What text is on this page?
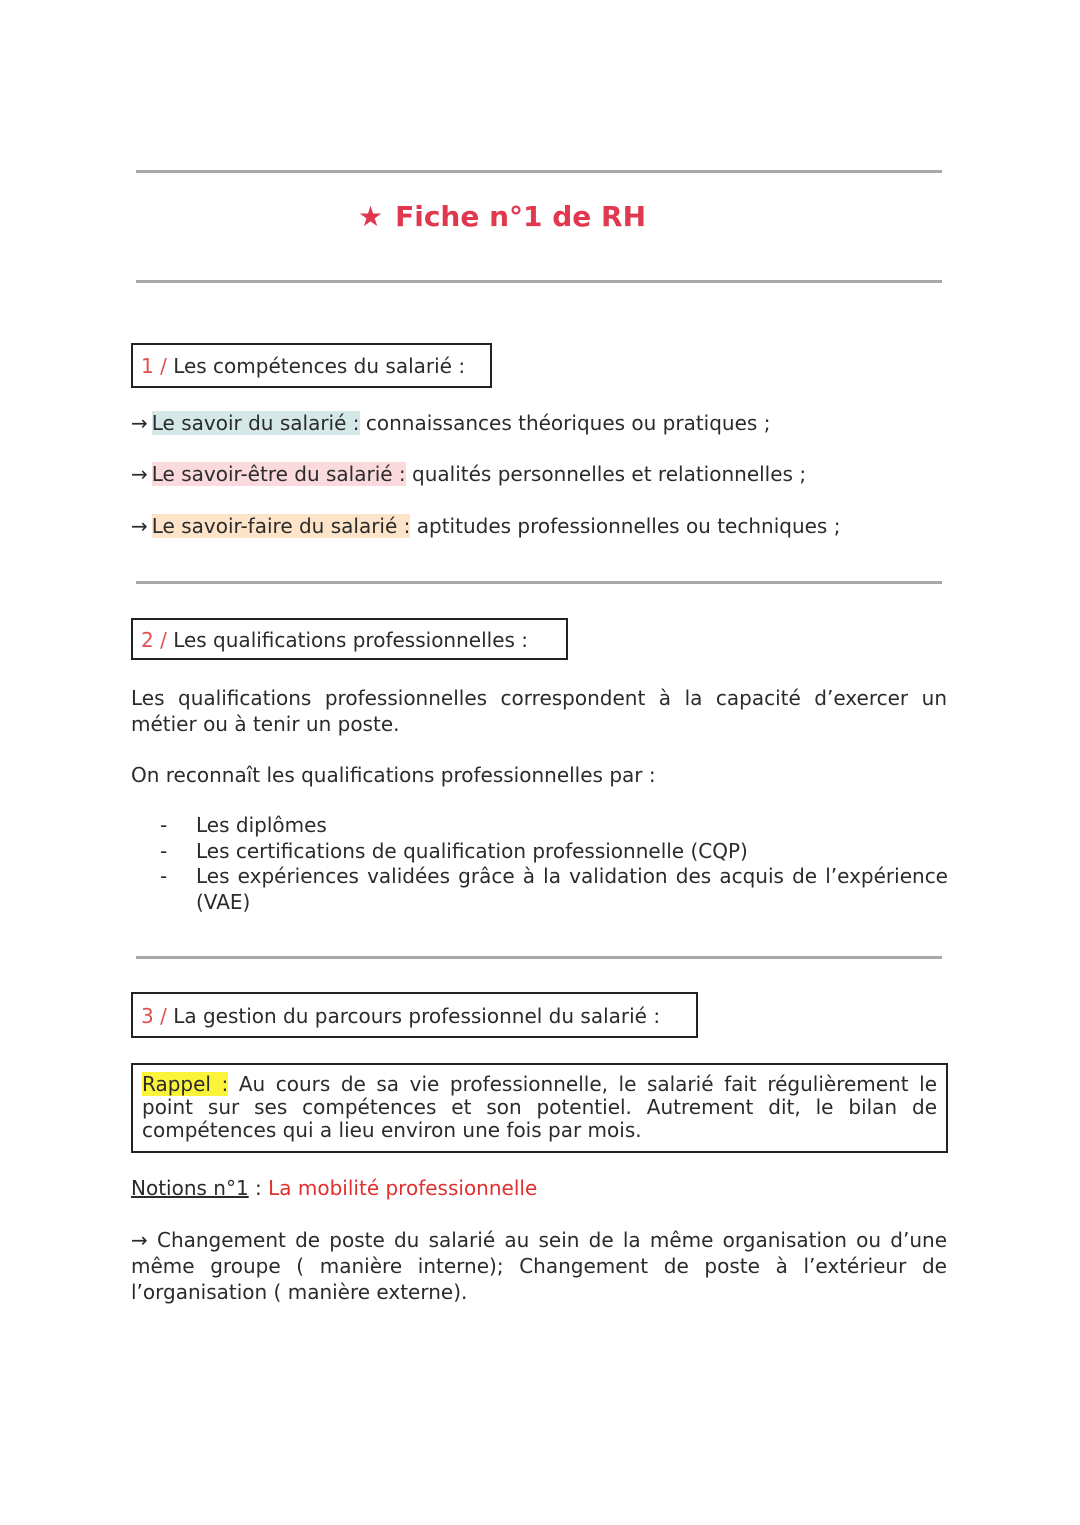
★ Fiche n°1 de RH
1 / Les compétences du salarié :
→ Le savoir du salarié : connaissances théoriques ou pratiques ;
→ Le savoir-être du salarié : qualités personnelles et relationnelles ;
→ Le savoir-faire du salarié : aptitudes professionnelles ou techniques ;
2 / Les qualifications professionnelles :
Les qualifications professionnelles correspondent à la capacité d’exercer un métier ou à tenir un poste.
On reconnaît les qualifications professionnelles par :
- Les diplômes
- Les certifications de qualification professionnelle (CQP)
- Les expériences validées grâce à la validation des acquis de l’expérience (VAE)
3 / La gestion du parcours professionnel du salarié :
Rappel : Au cours de sa vie professionnelle, le salarié fait régulièrement le point sur ses compétences et son potentiel. Autrement dit, le bilan de compétences qui a lieu environ une fois par mois.
Notions n°1 : La mobilité professionnelle
→ Changement de poste du salarié au sein de la même organisation ou d’une même groupe ( manière interne); Changement de poste à l’extérieur de l’organisation ( manière externe).
